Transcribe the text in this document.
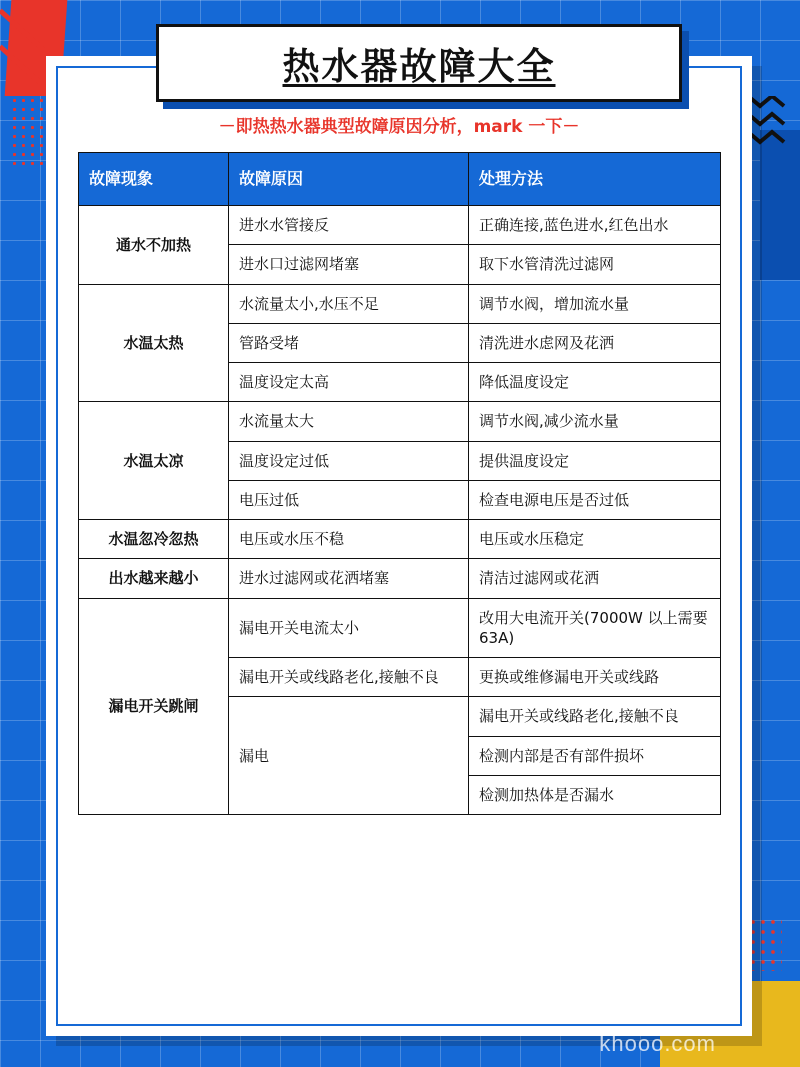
热水器故障大全
－即热热水器典型故障原因分析，mark 一下－
故障现象	故障原因	处理方法
通水不加热	进水水管接反	正确连接,蓝色进水,红色出水
	进水口过滤网堵塞	取下水管清洗过滤网
水温太热	水流量太小,水压不足	调节水阀，增加流水量
	管路受堵	清洗进水虑网及花洒
	温度设定太高	降低温度设定
水温太凉	水流量太大	调节水阀,减少流水量
	温度设定过低	提供温度设定
	电压过低	检查电源电压是否过低
水温忽冷忽热	电压或水压不稳	电压或水压稳定
出水越来越小	进水过滤网或花洒堵塞	清洁过滤网或花洒
漏电开关跳闸	漏电开关电流太小	改用大电流开关(7000W 以上需要 63A)
	漏电开关或线路老化,接触不良	更换或维修漏电开关或线路
	漏电	漏电开关或线路老化,接触不良
		检测内部是否有部件损坏
		检测加热体是否漏水
khooo.com
